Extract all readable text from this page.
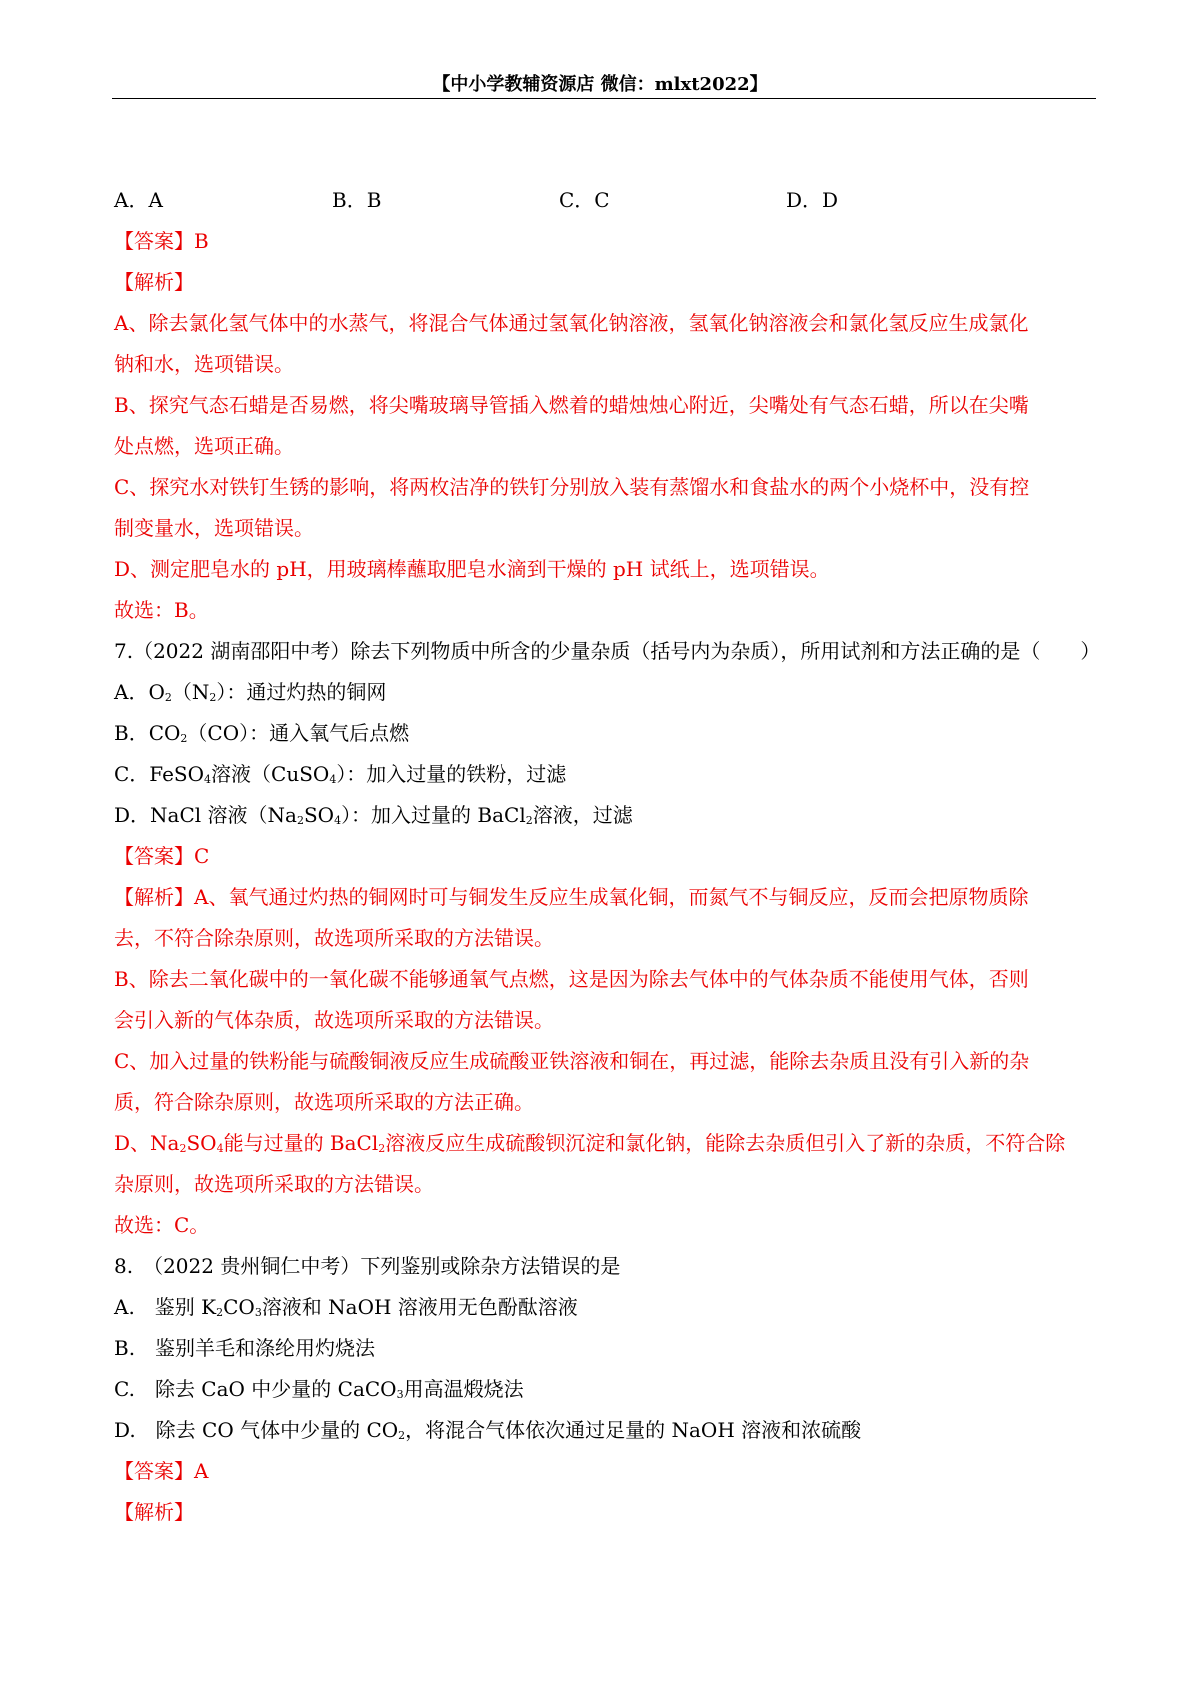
【中小学教辅资源店 微信：mlxt2022】
A．A	B．B	C．C	D．D
【答案】B
【解析】
A、除去氯化氢气体中的水蒸气，将混合气体通过氢氧化钠溶液，氢氧化钠溶液会和氯化氢反应生成氯化
钠和水，选项错误。
B、探究气态石蜡是否易燃，将尖嘴玻璃导管插入燃着的蜡烛烛心附近，尖嘴处有气态石蜡，所以在尖嘴
处点燃，选项正确。
C、探究水对铁钉生锈的影响，将两枚洁净的铁钉分别放入装有蒸馏水和食盐水的两个小烧杯中，没有控
制变量水，选项错误。
D、测定肥皂水的 pH，用玻璃棒蘸取肥皂水滴到干燥的 pH 试纸上，选项错误。
故选：B。
7.（2022 湖南邵阳中考）除去下列物质中所含的少量杂质（括号内为杂质），所用试剂和方法正确的是（　　）
A．$O_2(N_2)$：通过灼热的铜网
B．$CO_2(CO)$：通入氧气后点燃
C．FeSO$_4$溶液（CuSO$_4$）：加入过量的铁粉，过滤
D．NaCl 溶液$(Na_2SO_4)$：加入过量的 BaCl$_2$溶液，过滤
【答案】C
【解析】A、氧气通过灼热的铜网时可与铜发生反应生成氧化铜，而氮气不与铜反应，反而会把原物质除
去，不符合除杂原则，故选项所采取的方法错误。
B、除去二氧化碳中的一氧化碳不能够通氧气点燃，这是因为除去气体中的气体杂质不能使用气体，否则
会引入新的气体杂质，故选项所采取的方法错误。
C、加入过量的铁粉能与硫酸铜液反应生成硫酸亚铁溶液和铜在，再过滤，能除去杂质且没有引入新的杂
质，符合除杂原则，故选项所采取的方法正确。
D、$Na_2SO_4$能与过量的 BaCl$_2$溶液反应生成硫酸钡沉淀和氯化钠，能除去杂质但引入了新的杂质，不符合除
杂原则，故选项所采取的方法错误。
故选：C。
8.　（2022 贵州铜仁中考）下列鉴别或除杂方法错误的是
A.　鉴别 $K_2CO_3$溶液和 NaOH 溶液用无色酚酞溶液
B.　鉴别羊毛和涤纶用灼烧法
C.　除去 CaO 中少量的 CaCO$_3$用高温煅烧法
D.　除去 CO 气体中少量的 $CO_2$，将混合气体依次通过足量的 NaOH 溶液和浓硫酸
【答案】A
【解析】
